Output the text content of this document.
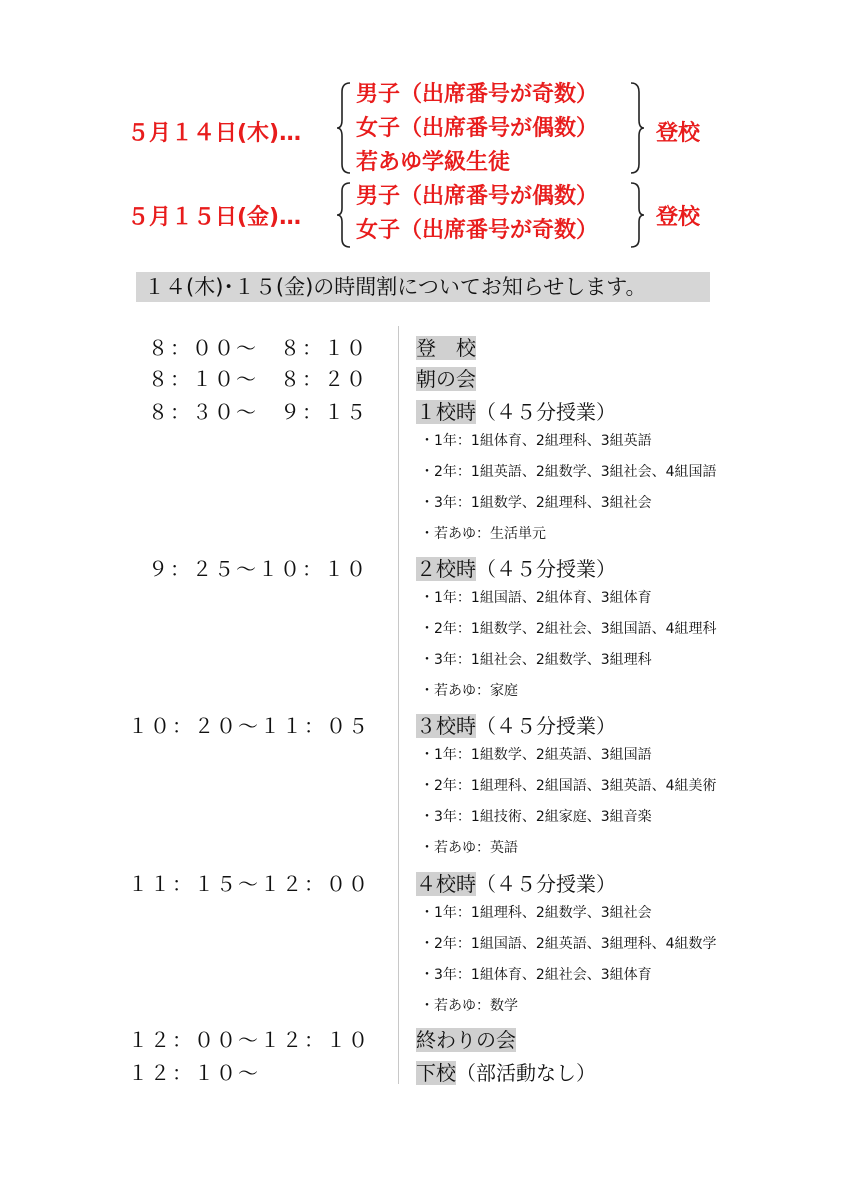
５月１４日(木)…
男子（出席番号が奇数）
女子（出席番号が偶数）
若あゆ学級生徒
登校
５月１５日(金)…
男子（出席番号が偶数）
女子（出席番号が奇数）
登校
１４(木)･１５(金)の時間割についてお知らせします。
８：００～　８：１０ 登　校
８：１０～　８：２０ 朝の会
８：３０～　９：１５ １校時（４５分授業）
・1年：1組体育、2組理科、3組英語
・2年：1組英語、2組数学、3組社会、4組国語
・3年：1組数学、2組理科、3組社会
・若あゆ：生活単元
９：２５～１０：１０ ２校時（４５分授業）
・1年：1組国語、2組体育、3組体育
・2年：1組数学、2組社会、3組国語、4組理科
・3年：1組社会、2組数学、3組理科
・若あゆ：家庭
１０：２０～１１：０５ ３校時（４５分授業）
・1年：1組数学、2組英語、3組国語
・2年：1組理科、2組国語、3組英語、4組美術
・3年：1組技術、2組家庭、3組音楽
・若あゆ：英語
１１：１５～１２：００ ４校時（４５分授業）
・1年：1組理科、2組数学、3組社会
・2年：1組国語、2組英語、3組理科、4組数学
・3年：1組体育、2組社会、3組体育
・若あゆ：数学
１２：００～１２：１０ 終わりの会
１２：１０～	下校（部活動なし）
